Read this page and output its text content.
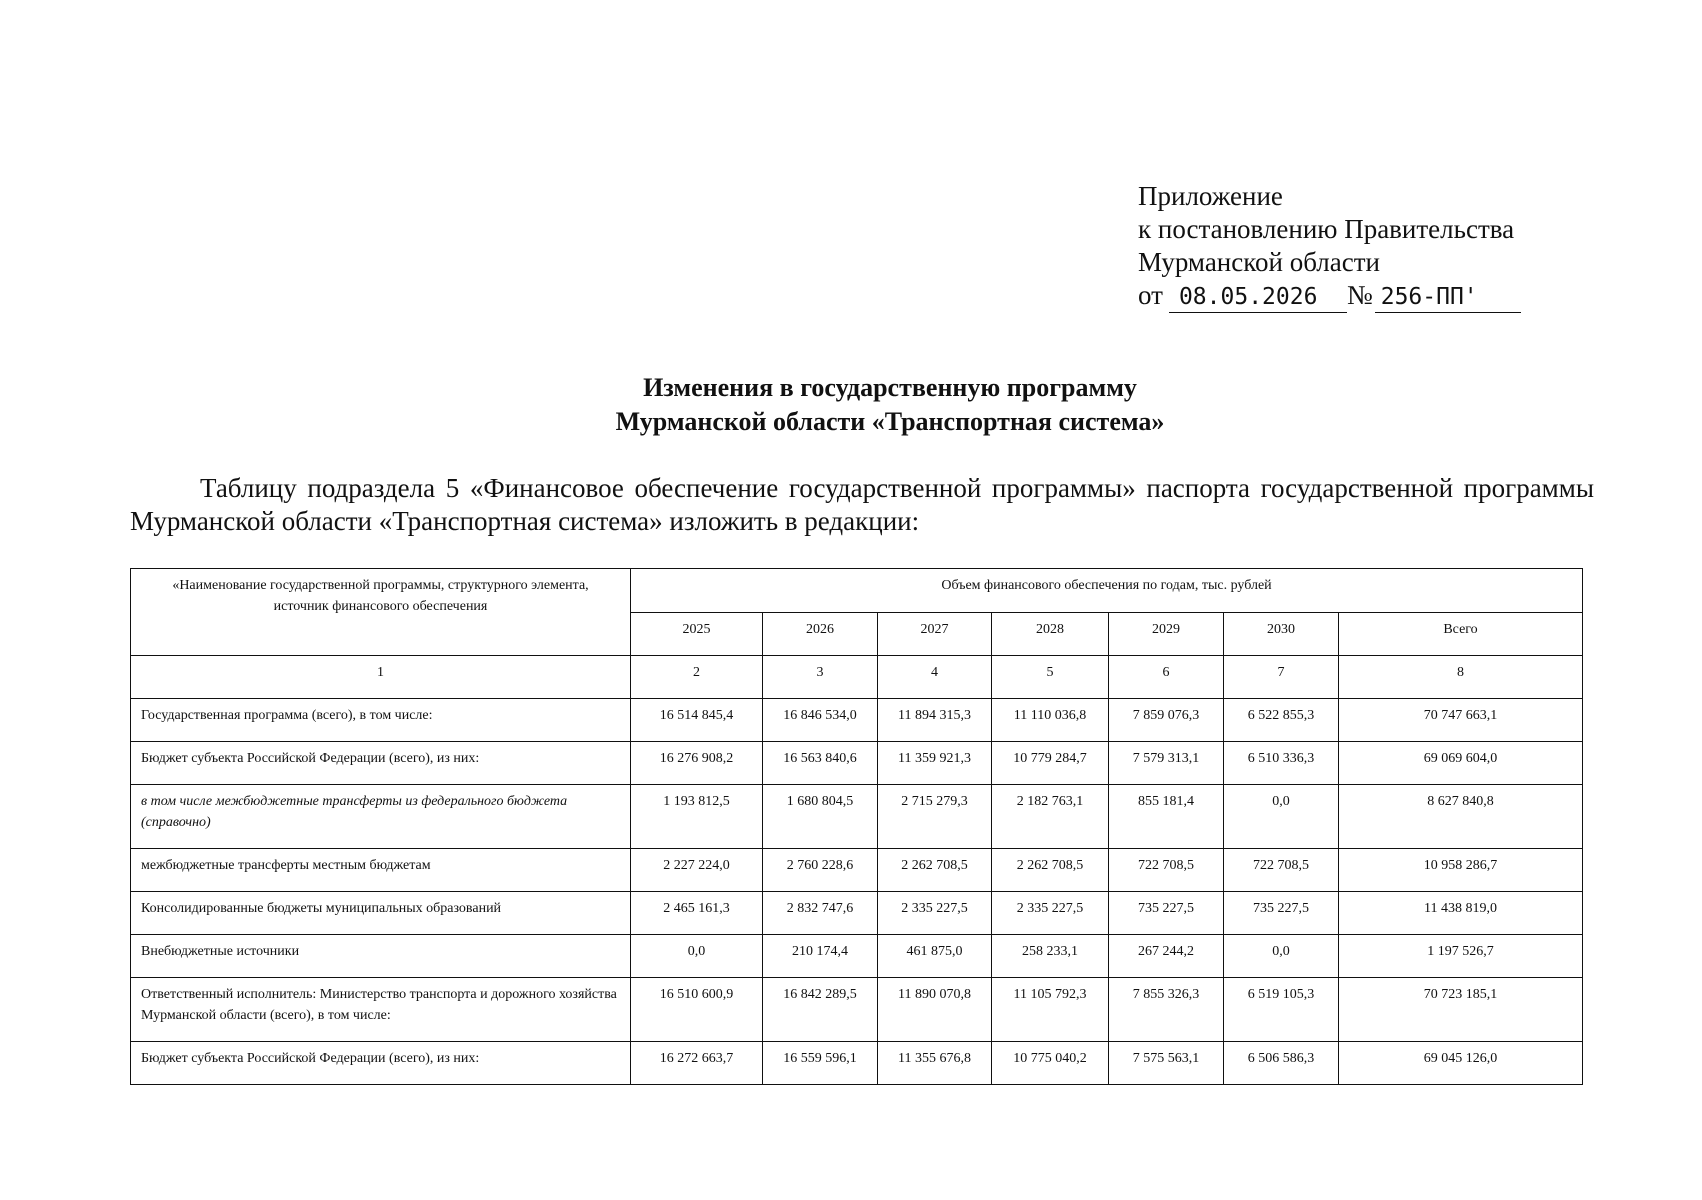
Приложение
к постановлению Правительства
Мурманской области
от 08.05.2026 № 256-ПП'
Изменения в государственную программу
Мурманской области «Транспортная система»

Таблицу подраздела 5 «Финансовое обеспечение государственной программы» паспорта государственной программы Мурманской области «Транспортная система» изложить в редакции:

«Наименование государственной программы, структурного элемента,
источник финансового обеспечения	Объем финансового обеспечения по годам, тыс. рублей						
	2025	2026	2027	2028	2029	2030	Всего
1	2	3	4	5	6	7	8
Государственная программа (всего), в том числе:	16 514 845,4	16 846 534,0	11 894 315,3	11 110 036,8	7 859 076,3	6 522 855,3	70 747 663,1
Бюджет субъекта Российской Федерации (всего), из них:	16 276 908,2	16 563 840,6	11 359 921,3	10 779 284,7	7 579 313,1	6 510 336,3	69 069 604,0
в том числе межбюджетные трансферты из федерального бюджета (справочно)	1 193 812,5	1 680 804,5	2 715 279,3	2 182 763,1	855 181,4	0,0	8 627 840,8
межбюджетные трансферты местным бюджетам	2 227 224,0	2 760 228,6	2 262 708,5	2 262 708,5	722 708,5	722 708,5	10 958 286,7
Консолидированные бюджеты муниципальных образований	2 465 161,3	2 832 747,6	2 335 227,5	2 335 227,5	735 227,5	735 227,5	11 438 819,0
Внебюджетные источники	0,0	210 174,4	461 875,0	258 233,1	267 244,2	0,0	1 197 526,7
Ответственный исполнитель: Министерство транспорта и дорожного хозяйства Мурманской области (всего), в том числе:	16 510 600,9	16 842 289,5	11 890 070,8	11 105 792,3	7 855 326,3	6 519 105,3	70 723 185,1
Бюджет субъекта Российской Федерации (всего), из них:	16 272 663,7	16 559 596,1	11 355 676,8	10 775 040,2	7 575 563,1	6 506 586,3	69 045 126,0
